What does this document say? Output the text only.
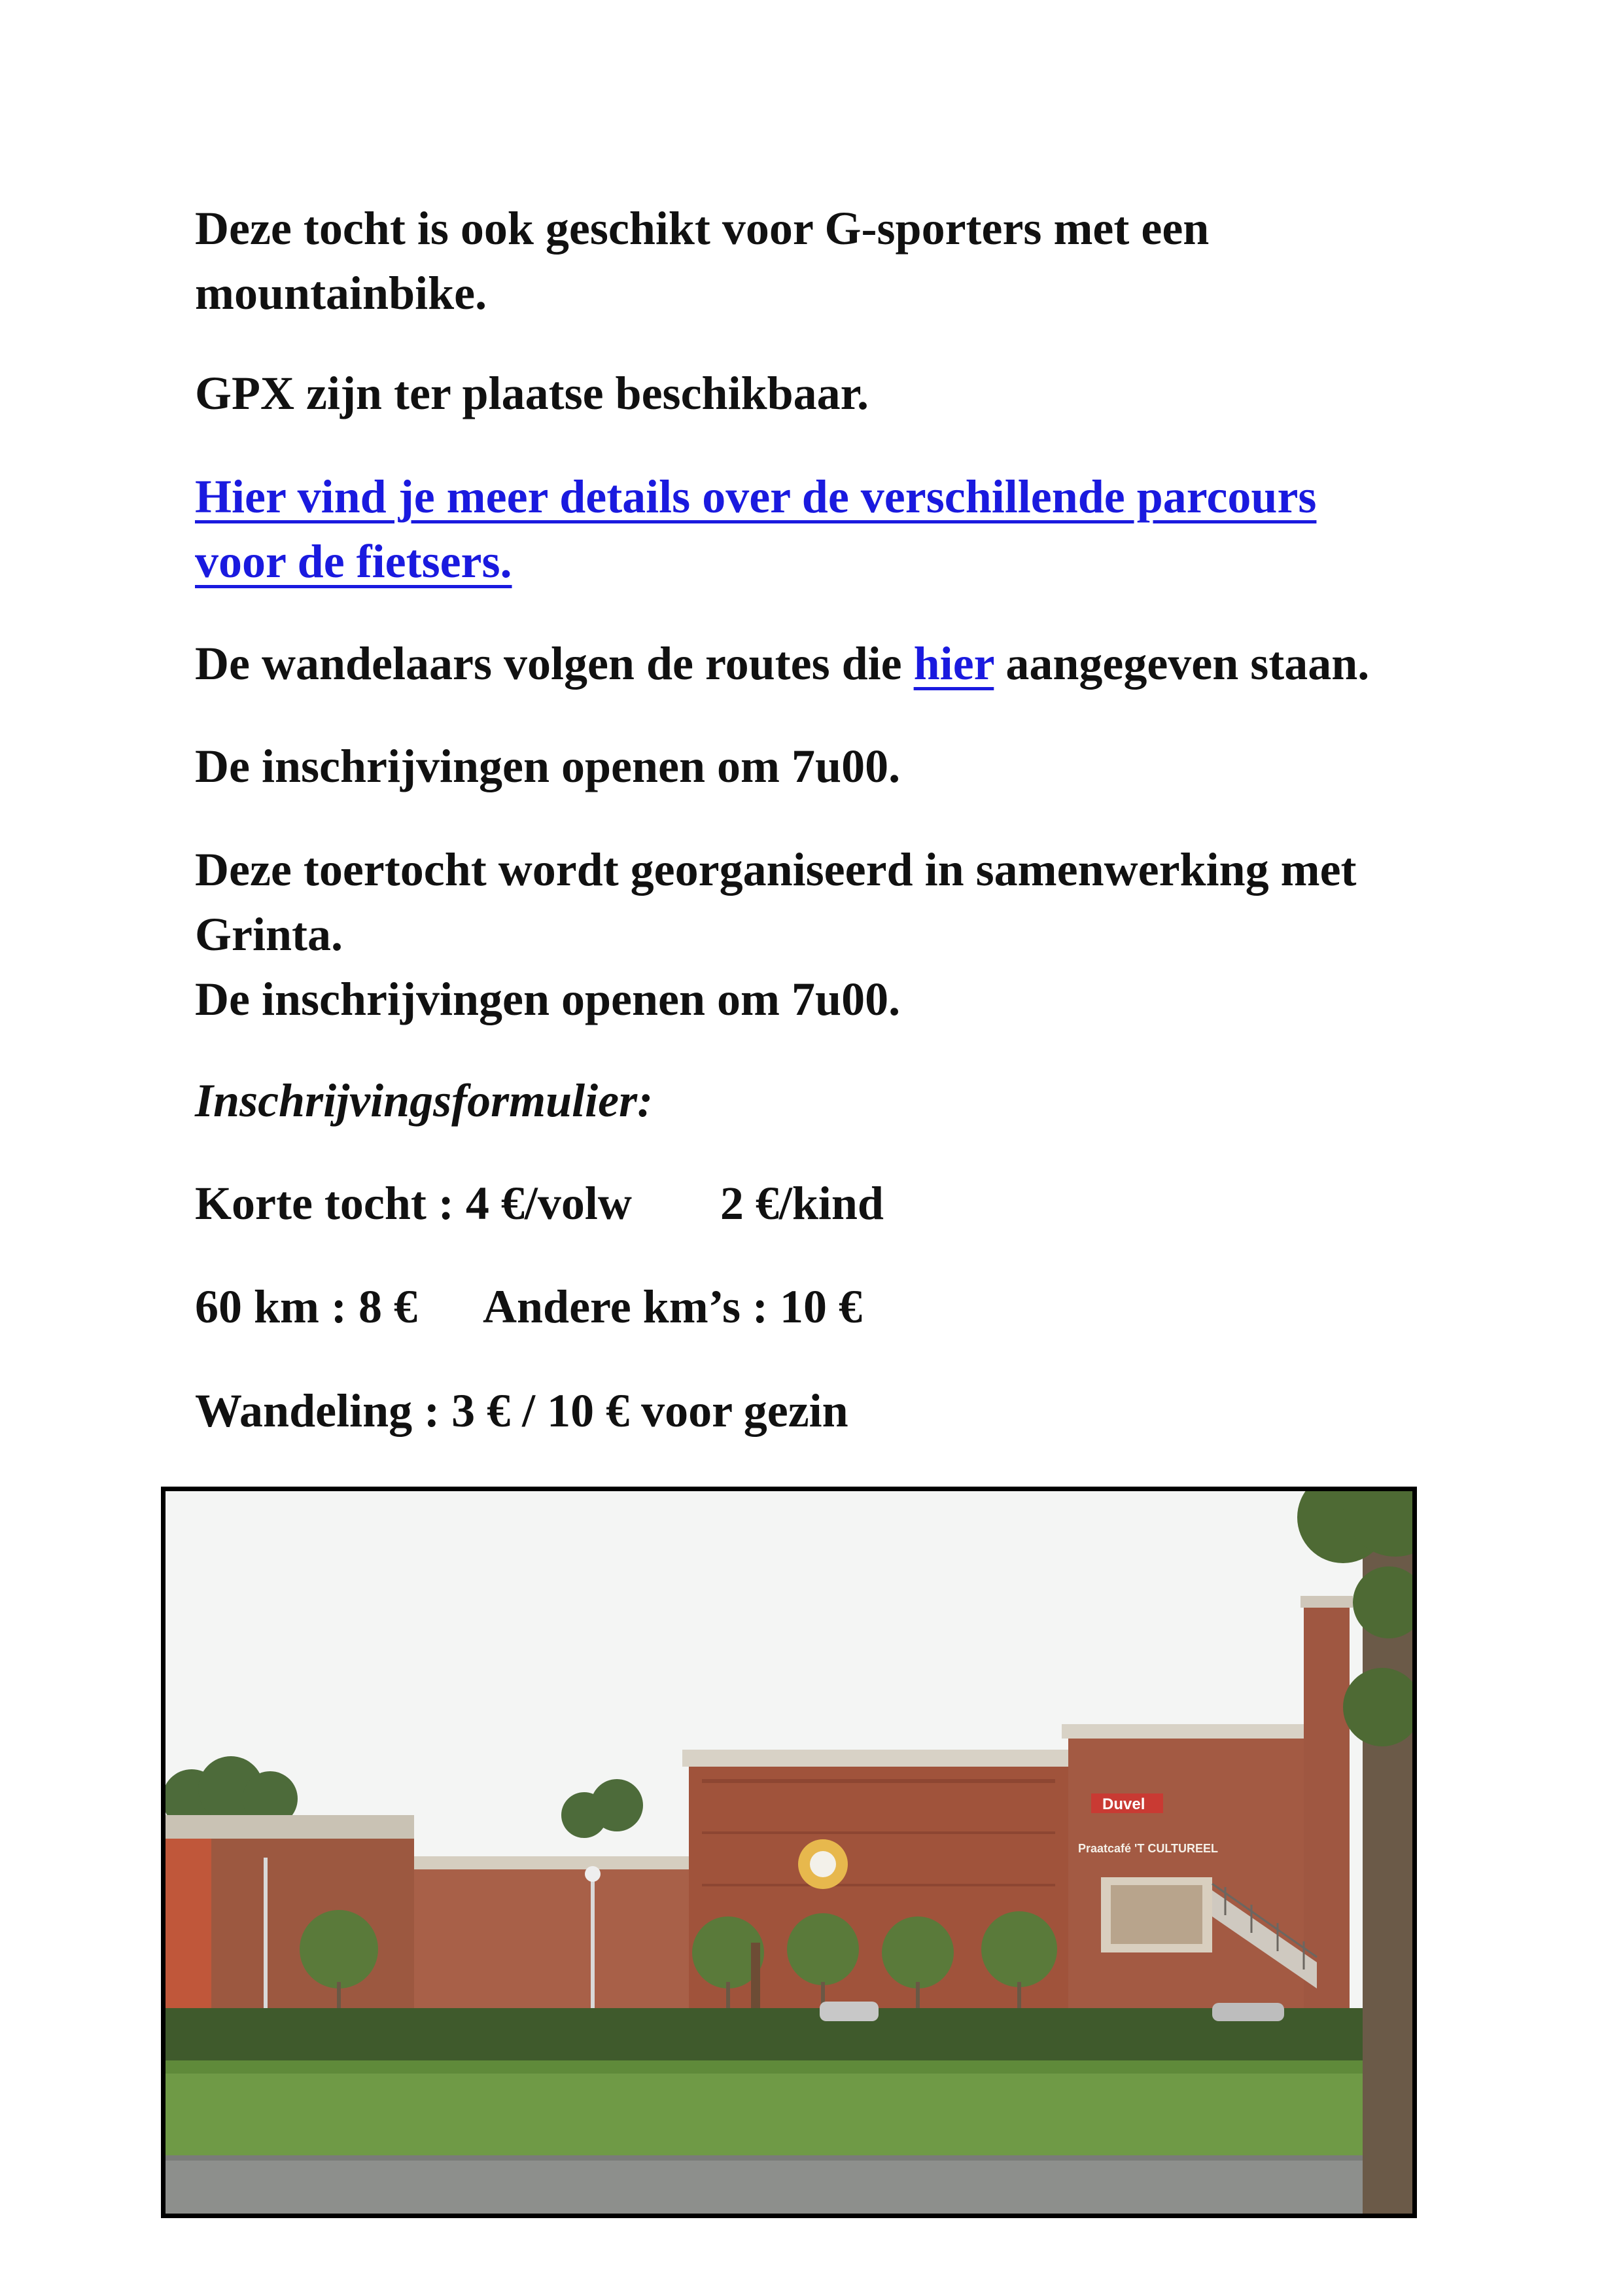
Deze tocht is ook geschikt voor G-sporters met een
mountainbike.

GPX zijn ter plaatse beschikbaar.

Hier vind je meer details over de verschillende parcours
voor de fietsers.

De wandelaars volgen de routes die hier aangegeven staan.

De inschrijvingen openen om 7u00.

Deze toertocht wordt georganiseerd in samenwerking met
Grinta.
De inschrijvingen openen om 7u00.

Inschrijvingsformulier:

Korte tocht : 4 €/volw 2 €/kind

60 km : 8 € Andere km’s : 10 €

Wandeling : 3 € / 10 € voor gezin

Duvel
Praatcafé 'T CULTUREEL
